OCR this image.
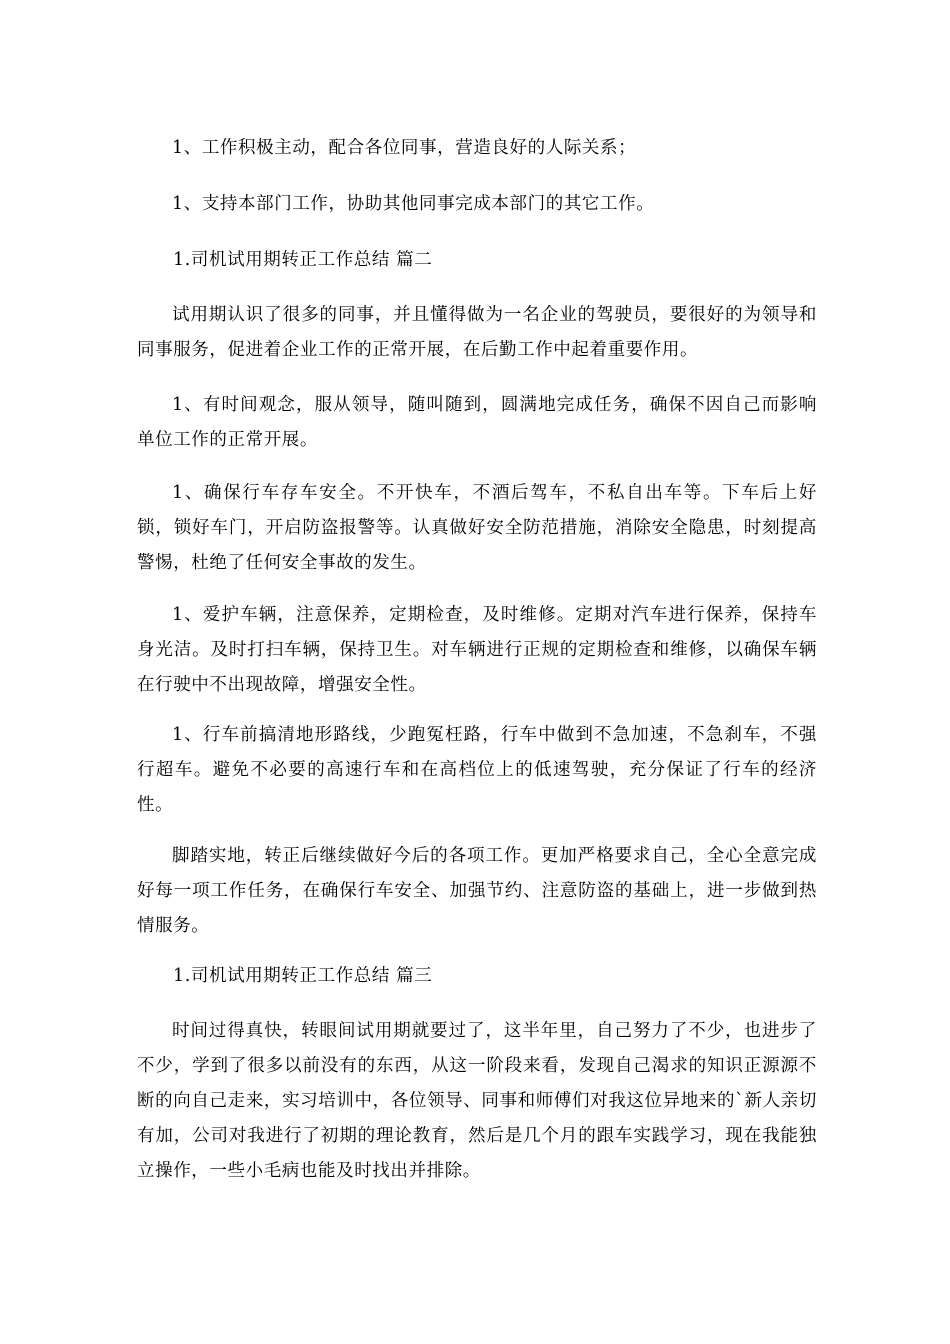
1、工作积极主动，配合各位同事，营造良好的人际关系；

1、支持本部门工作，协助其他同事完成本部门的其它工作。

1.司机试用期转正工作总结 篇二

试用期认识了很多的同事，并且懂得做为一名企业的驾驶员，要很好的为领导和同事服务，促进着企业工作的正常开展，在后勤工作中起着重要作用。

1、有时间观念，服从领导，随叫随到，圆满地完成任务，确保不因自己而影响单位工作的正常开展。

1、确保行车存车安全。不开快车，不酒后驾车，不私自出车等。下车后上好锁，锁好车门，开启防盗报警等。认真做好安全防范措施，消除安全隐患，时刻提高警惕，杜绝了任何安全事故的发生。

1、爱护车辆，注意保养，定期检查，及时维修。定期对汽车进行保养，保持车身光洁。及时打扫车辆，保持卫生。对车辆进行正规的定期检查和维修，以确保车辆在行驶中不出现故障，增强安全性。

1、行车前搞清地形路线，少跑冤枉路，行车中做到不急加速，不急刹车，不强行超车。避免不必要的高速行车和在高档位上的低速驾驶，充分保证了行车的经济性。

脚踏实地，转正后继续做好今后的各项工作。更加严格要求自己，全心全意完成好每一项工作任务，在确保行车安全、加强节约、注意防盗的基础上，进一步做到热情服务。

1.司机试用期转正工作总结 篇三

时间过得真快，转眼间试用期就要过了，这半年里，自己努力了不少，也进步了不少，学到了很多以前没有的东西，从这一阶段来看，发现自己渴求的知识正源源不断的向自己走来，实习培训中，各位领导、同事和师傅们对我这位异地来的`新人亲切有加，公司对我进行了初期的理论教育，然后是几个月的跟车实践学习，现在我能独立操作，一些小毛病也能及时找出并排除。
